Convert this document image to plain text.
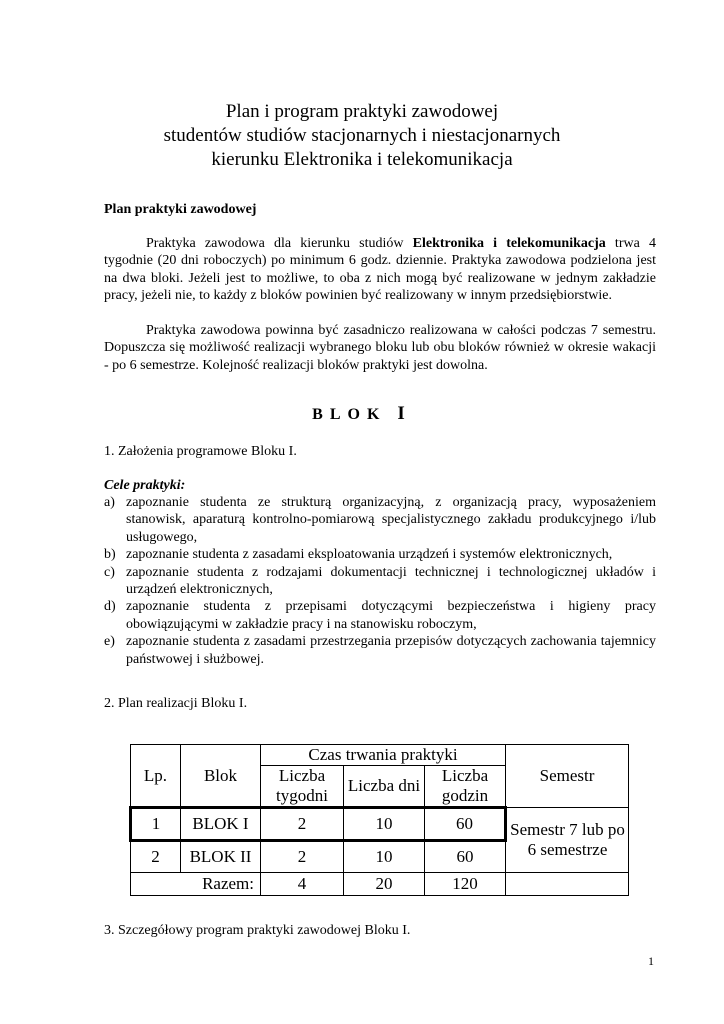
Plan i program praktyki zawodowej
studentów studiów stacjonarnych i niestacjonarnych
kierunku Elektronika i telekomunikacja
Plan praktyki zawodowej

Praktyka zawodowa dla kierunku studiów Elektronika i telekomunikacja trwa 4 tygodnie (20 dni roboczych) po minimum 6 godz. dziennie. Praktyka zawodowa podzielona jest na dwa bloki. Jeżeli jest to możliwe, to oba z nich mogą być realizowane w jednym zakładzie pracy, jeżeli nie, to każdy z bloków powinien być realizowany w innym przedsiębiorstwie.

Praktyka zawodowa powinna być zasadniczo realizowana w całości podczas 7 semestru. Dopuszcza się możliwość realizacji wybranego bloku lub obu bloków również w okresie wakacji - po 6 semestrze. Kolejność realizacji bloków praktyki jest dowolna.

BLOK I
1. Założenia programowe Bloku I.
Cele praktyki:
a) zapoznanie studenta ze strukturą organizacyjną, z organizacją pracy, wyposażeniem stanowisk, aparaturą kontrolno-pomiarową specjalistycznego zakładu produkcyjnego i/lub usługowego,
b) zapoznanie studenta z zasadami eksploatowania urządzeń i systemów elektronicznych,
c) zapoznanie studenta z rodzajami dokumentacji technicznej i technologicznej układów i urządzeń elektronicznych,
d) zapoznanie studenta z przepisami dotyczącymi bezpieczeństwa i higieny pracy obowiązującymi w zakładzie pracy i na stanowisku roboczym,
e) zapoznanie studenta z zasadami przestrzegania przepisów dotyczących zachowania tajemnicy państwowej i służbowej.
2. Plan realizacji Bloku I.
Lp.	Blok	Czas trwania praktyki			Semestr
		Liczba tygodni	Liczba dni	Liczba godzin	
1	BLOK I	2	10	60	Semestr 7 lub po 6 semestrze
2	BLOK II	2	10	60	
Razem:		4	20	120	
3. Szczegółowy program praktyki zawodowej Bloku I.
1
